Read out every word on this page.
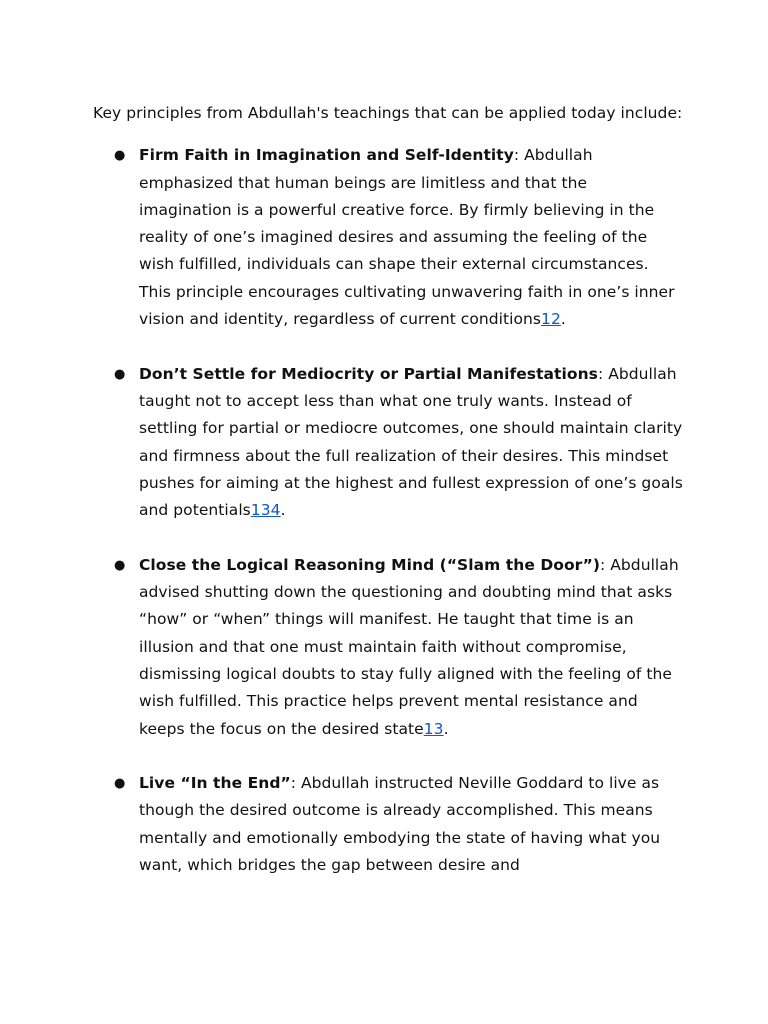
Key principles from Abdullah's teachings that can be applied today include:

● Firm Faith in Imagination and Self-Identity: Abdullah emphasized that human beings are limitless and that the imagination is a powerful creative force. By firmly believing in the reality of one’s imagined desires and assuming the feeling of the wish fulfilled, individuals can shape their external circumstances. This principle encourages cultivating unwavering faith in one’s inner vision and identity, regardless of current conditions12.
● Don’t Settle for Mediocrity or Partial Manifestations: Abdullah taught not to accept less than what one truly wants. Instead of settling for partial or mediocre outcomes, one should maintain clarity and firmness about the full realization of their desires. This mindset pushes for aiming at the highest and fullest expression of one’s goals and potentials134.
● Close the Logical Reasoning Mind (“Slam the Door”): Abdullah advised shutting down the questioning and doubting mind that asks “how” or “when” things will manifest. He taught that time is an illusion and that one must maintain faith without compromise, dismissing logical doubts to stay fully aligned with the feeling of the wish fulfilled. This practice helps prevent mental resistance and keeps the focus on the desired state13.
● Live “In the End”: Abdullah instructed Neville Goddard to live as though the desired outcome is already accomplished. This means mentally and emotionally embodying the state of having what you want, which bridges the gap between desire and
